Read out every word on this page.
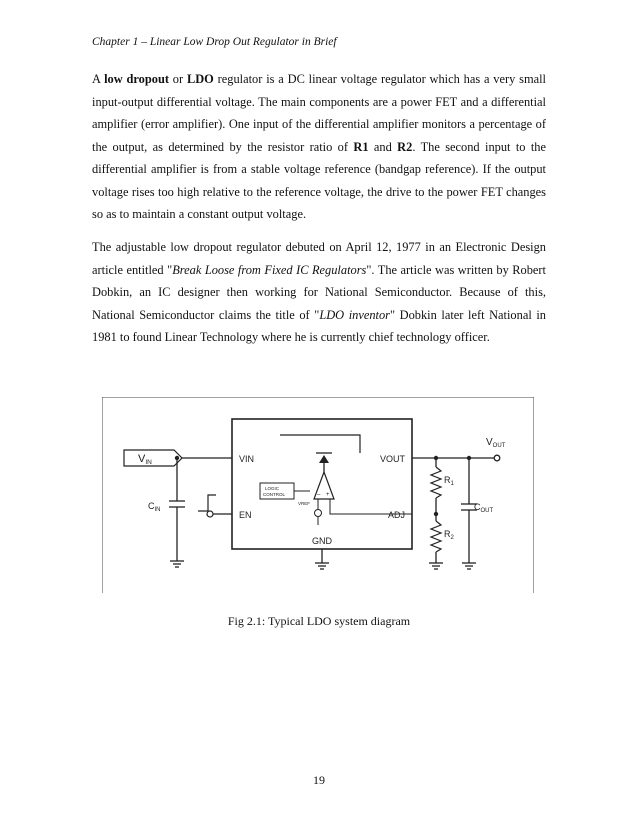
Chapter 1 – Linear Low Drop Out Regulator in Brief
A low dropout or LDO regulator is a DC linear voltage regulator which has a very small input-output differential voltage. The main components are a power FET and a differential amplifier (error amplifier). One input of the differential amplifier monitors a percentage of the output, as determined by the resistor ratio of R1 and R2. The second input to the differential amplifier is from a stable voltage reference (bandgap reference). If the output voltage rises too high relative to the reference voltage, the drive to the power FET changes so as to maintain a constant output voltage.
The adjustable low dropout regulator debuted on April 12, 1977 in an Electronic Design article entitled "Break Loose from Fixed IC Regulators". The article was written by Robert Dobkin, an IC designer then working for National Semiconductor. Because of this, National Semiconductor claims the title of "LDO inventor" Dobkin later left National in 1981 to found Linear Technology where he is currently chief technology officer.
VIN
$C_{IN}$
VIN
EN
GND
VOUT
ADJ
LOGIC
CONTROL	– +
VREF
$V_{OUT}$
$R_1$
$R_2$
$C_{OUT}$
Fig 2.1: Typical LDO system diagram
19
